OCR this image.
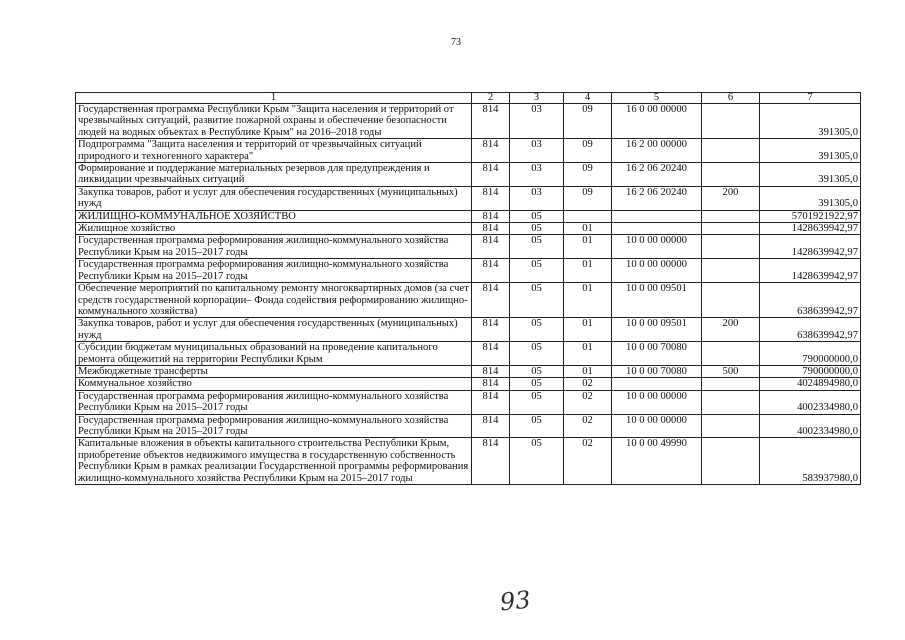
73
1	2	3	4	5	6	7
Государственная программа Республики Крым "Защита населения и территорий от чрезвычайных ситуаций, развитие пожарной охраны и обеспечение безопасности людей на водных объектах в Республике Крым" на 2016–2018 годы	814	03	09	16 0 00 00000		391305,0
Подпрограмма "Защита населения и территорий от чрезвычайных ситуаций природного и техногенного характера"	814	03	09	16 2 00 00000		391305,0
Формирование и поддержание материальных резервов для предупреждения и ликвидации чрезвычайных ситуаций	814	03	09	16 2 06 20240		391305,0
Закупка товаров, работ и услуг для обеспечения государственных (муниципальных) нужд	814	03	09	16 2 06 20240	200	391305,0
ЖИЛИЩНО-КОММУНАЛЬНОЕ ХОЗЯЙСТВО	814	05				5701921922,97
Жилищное хозяйство	814	05	01			1428639942,97
Государственная программа реформирования жилищно-коммунального хозяйства Республики Крым на 2015–2017 годы	814	05	01	10 0 00 00000		1428639942,97
Государственная программа реформирования жилищно-коммунального хозяйства Республики Крым на 2015–2017 годы	814	05	01	10 0 00 00000		1428639942,97
Обеспечение мероприятий по капитальному ремонту многоквартирных домов (за счет средств государственной корпорации– Фонда содействия реформированию жилищно-коммунального хозяйства)	814	05	01	10 0 00 09501		638639942,97
Закупка товаров, работ и услуг для обеспечения государственных (муниципальных) нужд	814	05	01	10 0 00 09501	200	638639942,97
Субсидии бюджетам муниципальных образований на проведение капитального ремонта общежитий на территории Республики Крым	814	05	01	10 0 00 70080		790000000,0
Межбюджетные трансферты	814	05	01	10 0 00 70080	500	790000000,0
Коммунальное хозяйство	814	05	02			4024894980,0
Государственная программа реформирования жилищно-коммунального хозяйства Республики Крым на 2015–2017 годы	814	05	02	10 0 00 00000		4002334980,0
Государственная программа реформирования жилищно-коммунального хозяйства Республики Крым на 2015–2017 годы	814	05	02	10 0 00 00000		4002334980,0
Капитальные вложения в объекты капитального строительства Республики Крым, приобретение объектов недвижимого имущества в государственную собственность Республики Крым в рамках реализации Государственной программы реформирования жилищно-коммунального хозяйства Республики Крым на 2015–2017 годы	814	05	02	10 0 00 49990		583937980,0
93
